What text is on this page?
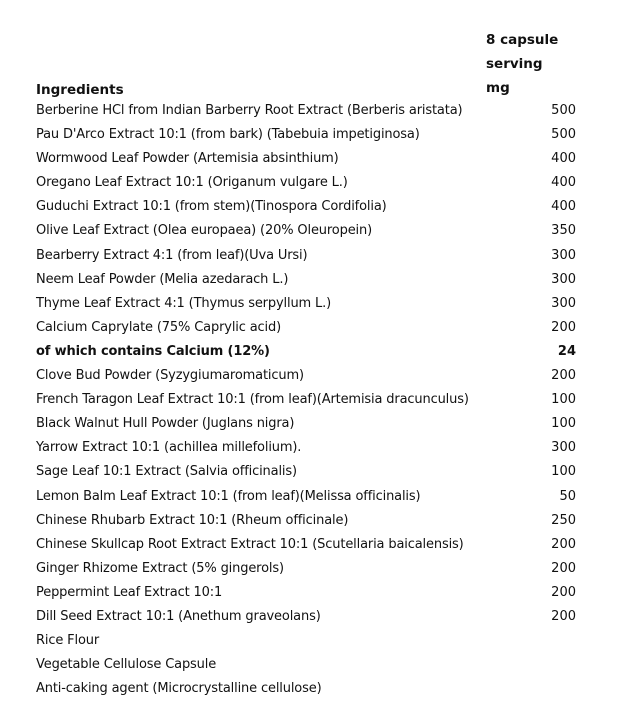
Ingredients
8 capsule
serving
mg
Berberine HCl from Indian Barberry Root Extract (Berberis aristata)	500
Pau D'Arco Extract 10:1 (from bark) (Tabebuia impetiginosa)	500
Wormwood Leaf Powder (Artemisia absinthium)	400
Oregano Leaf Extract 10:1 (Origanum vulgare L.)	400
Guduchi Extract 10:1 (from stem)(Tinospora Cordifolia)	400
Olive Leaf Extract (Olea europaea) (20% Oleuropein)	350
Bearberry Extract 4:1 (from leaf)(Uva Ursi)	300
Neem Leaf Powder (Melia azedarach L.)	300
Thyme Leaf Extract 4:1 (Thymus serpyllum L.)	300
Calcium Caprylate (75% Caprylic acid)	200
of which contains Calcium (12%)	24
Clove Bud Powder (Syzygiumaromaticum)	200
French Taragon Leaf Extract 10:1 (from leaf)(Artemisia dracunculus)	100
Black Walnut Hull Powder (Juglans nigra)	100
Yarrow Extract 10:1 (achillea millefolium).	300
Sage Leaf 10:1 Extract (Salvia officinalis)	100
Lemon Balm Leaf Extract 10:1 (from leaf)(Melissa officinalis)	50
Chinese Rhubarb Extract 10:1 (Rheum officinale)	250
Chinese Skullcap Root Extract Extract 10:1 (Scutellaria baicalensis)	200
Ginger Rhizome Extract (5% gingerols)	200
Peppermint Leaf Extract 10:1	200
Dill Seed Extract 10:1 (Anethum graveolans)	200
Rice Flour
Vegetable Cellulose Capsule
Anti-caking agent (Microcrystalline cellulose)
